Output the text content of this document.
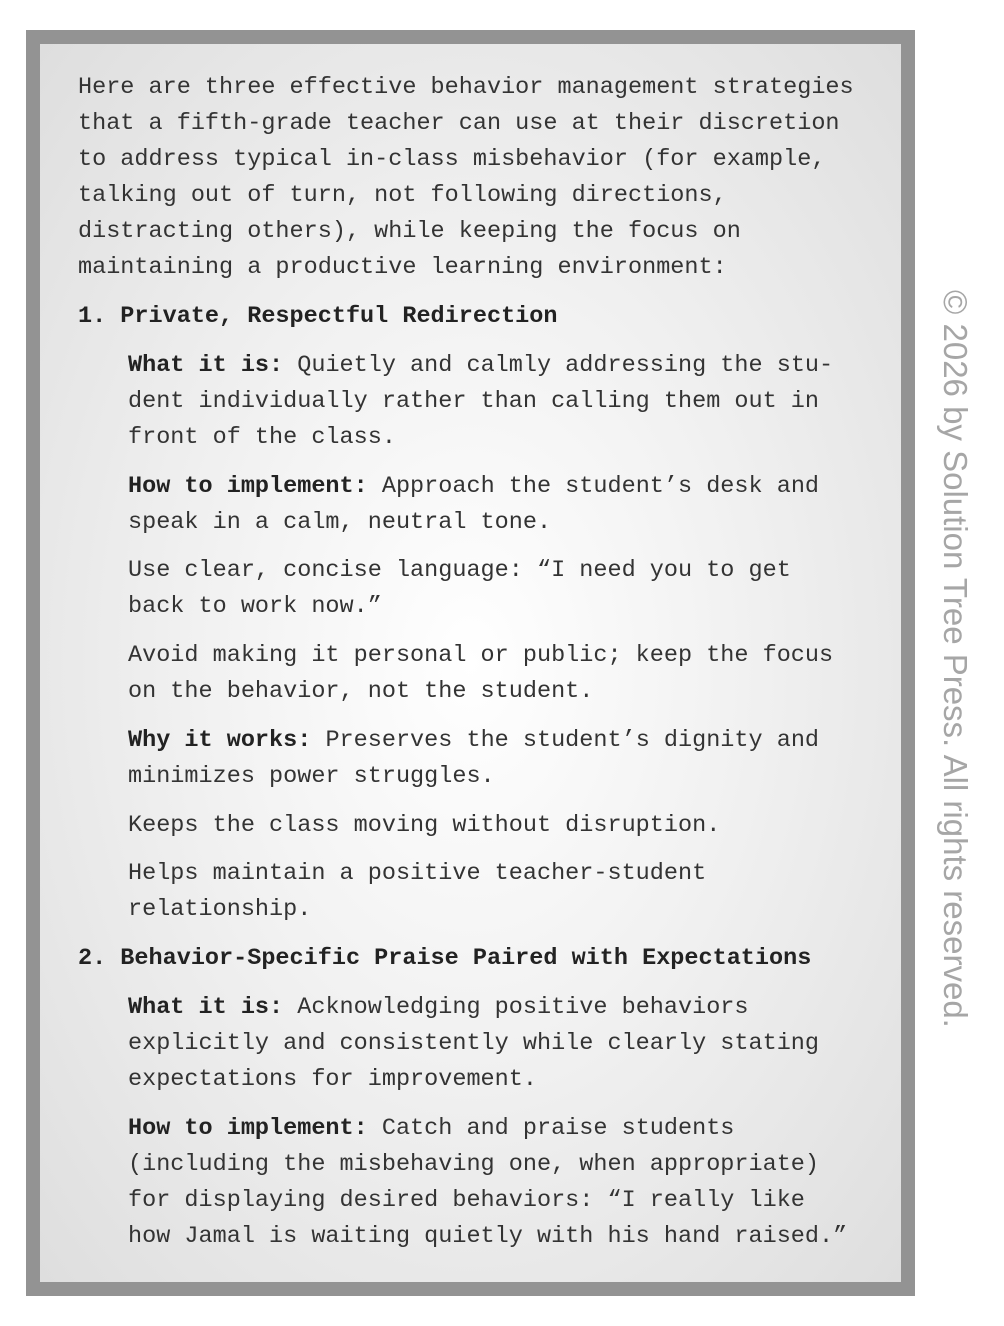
Here are three effective behavior management strategies
that a fifth-grade teacher can use at their discretion
to address typical in-class misbehavior (for example,
talking out of turn, not following directions,
distracting others), while keeping the focus on
maintaining a productive learning environment:
1. Private, Respectful Redirection
What it is: Quietly and calmly addressing the stu-
dent individually rather than calling them out in
front of the class.
How to implement: Approach the student’s desk and
speak in a calm, neutral tone.
Use clear, concise language: “I need you to get
back to work now.”
Avoid making it personal or public; keep the focus
on the behavior, not the student.
Why it works: Preserves the student’s dignity and
minimizes power struggles.
Keeps the class moving without disruption.
Helps maintain a positive teacher-student
relationship.
2. Behavior-Specific Praise Paired with Expectations
What it is: Acknowledging positive behaviors
explicitly and consistently while clearly stating
expectations for improvement.
How to implement: Catch and praise students
(including the misbehaving one, when appropriate)
for displaying desired behaviors: “I really like
how Jamal is waiting quietly with his hand raised.”
© 2026 by Solution Tree Press. All rights reserved.
